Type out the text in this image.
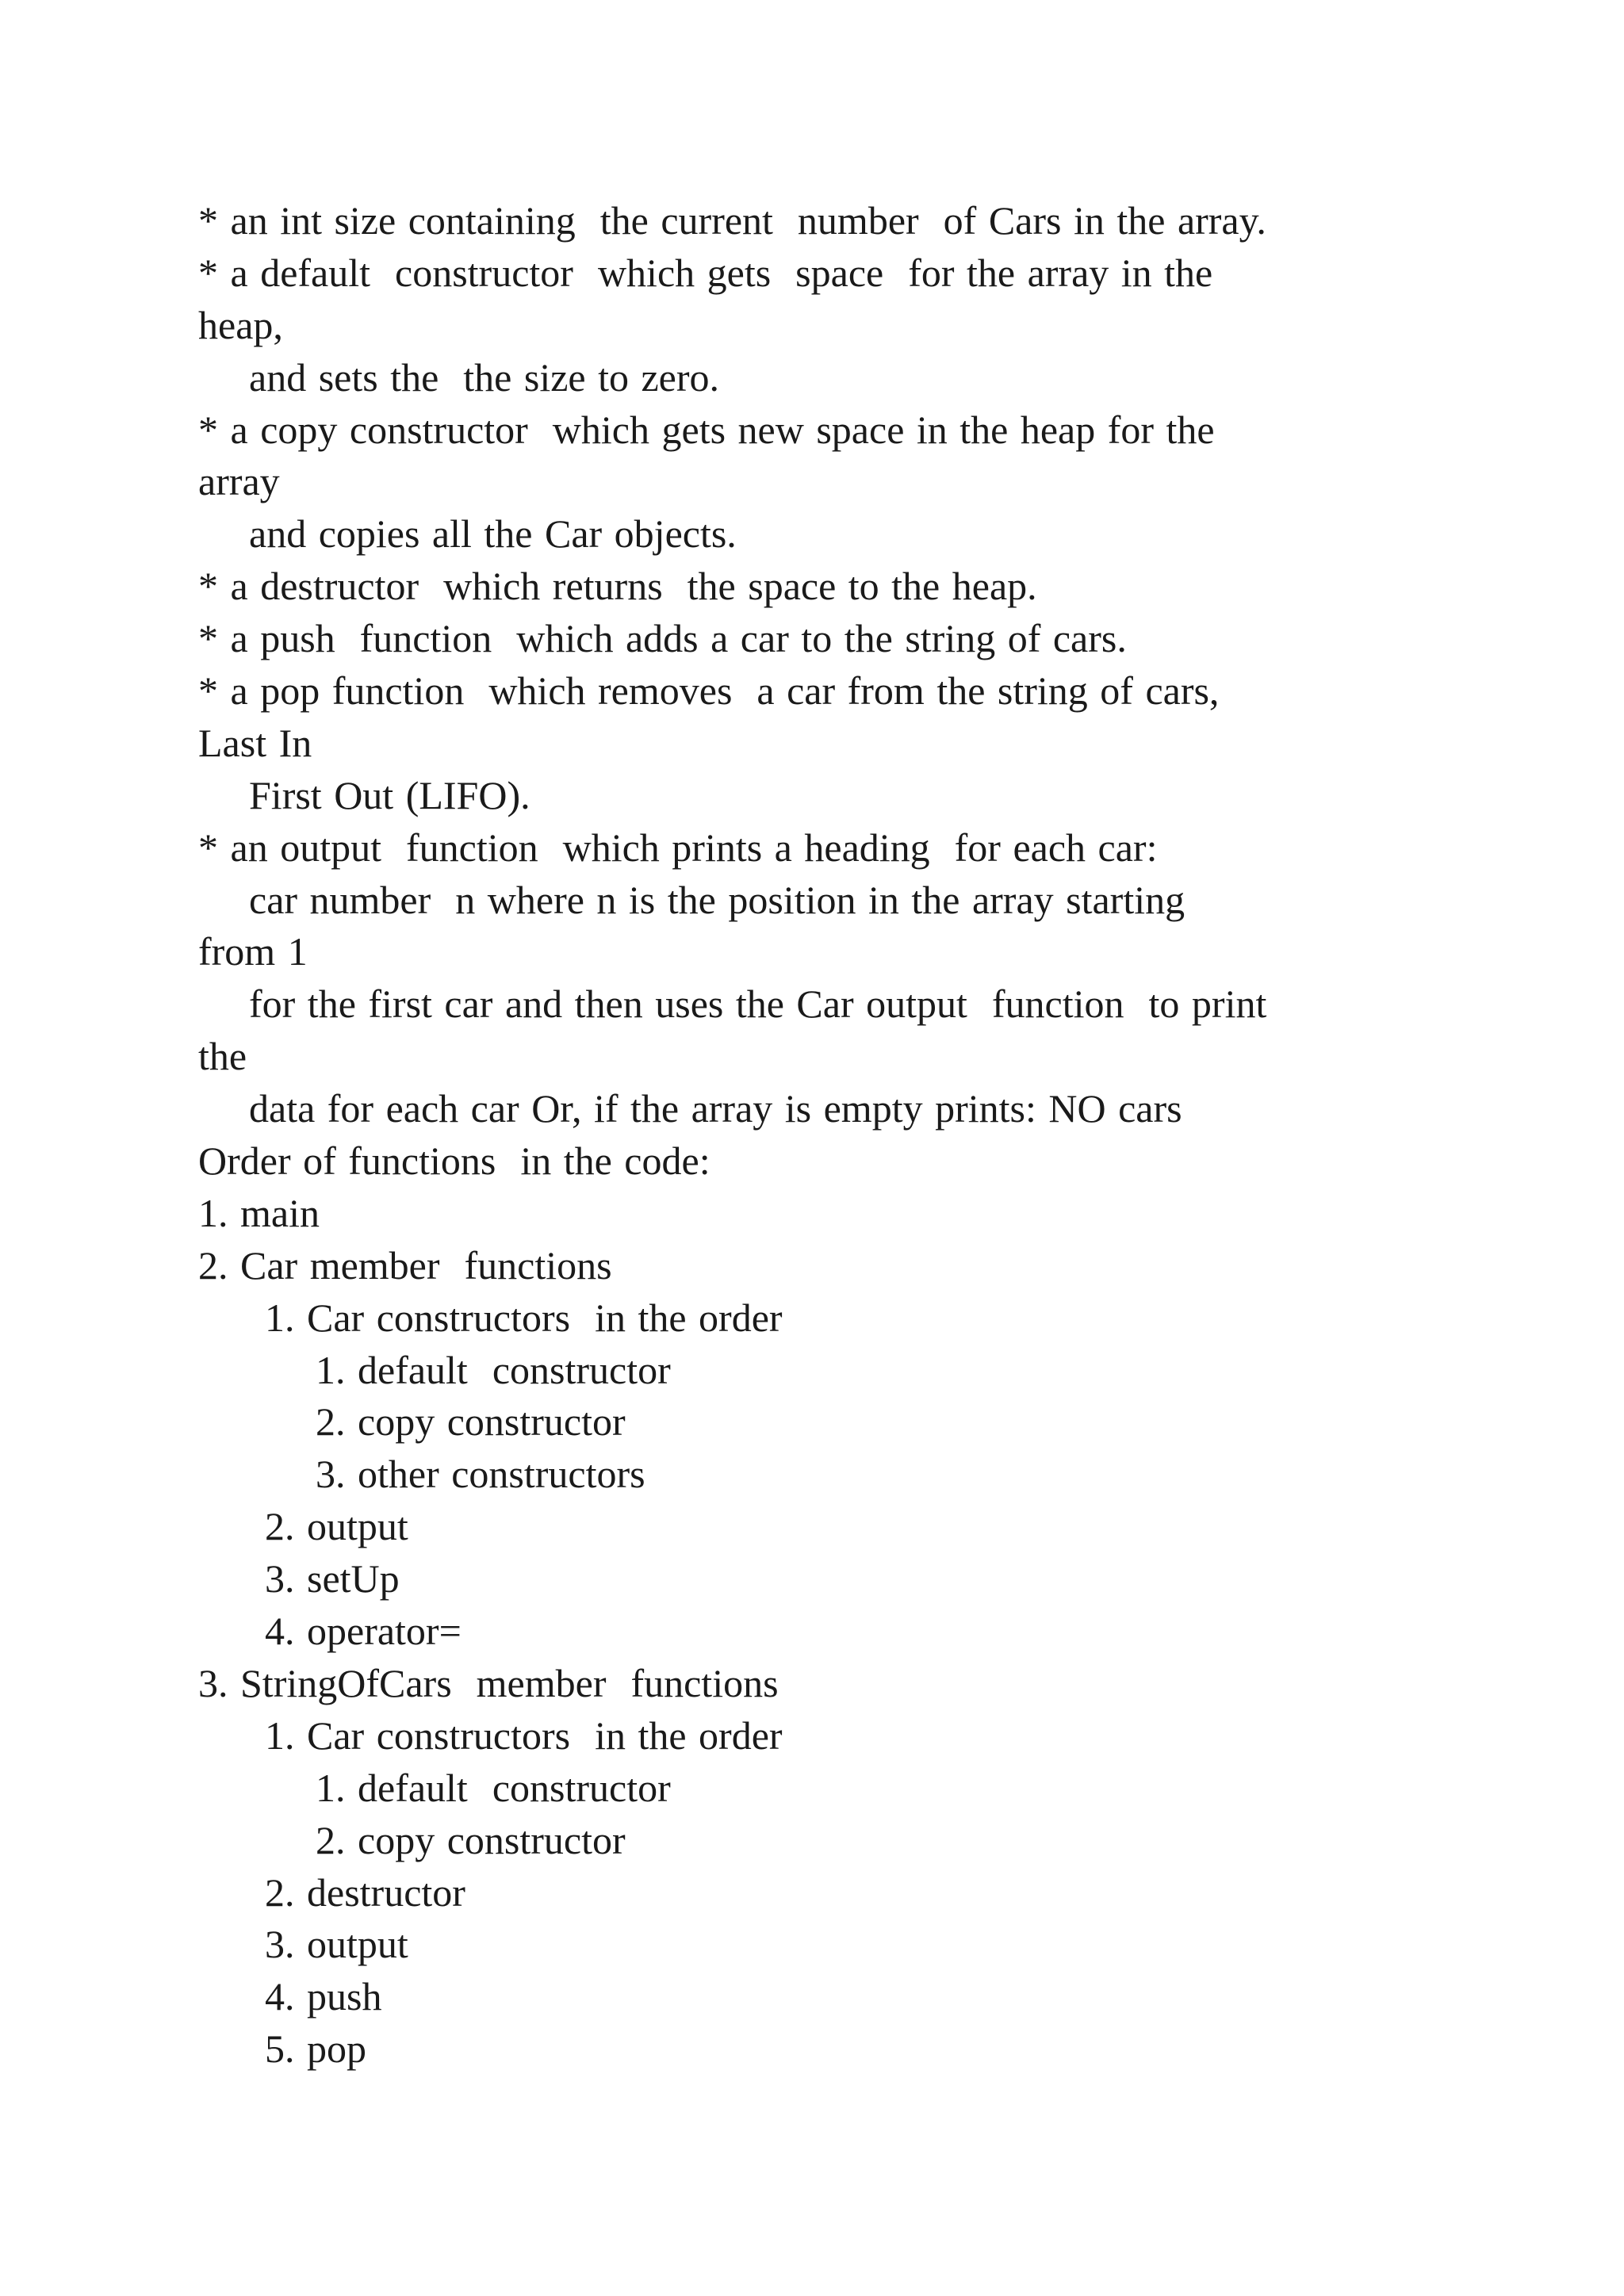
* an int size containing  the current  number  of Cars in the array.
* a default  constructor  which gets  space  for the array in the
heap,
and sets the  the size to zero.
* a copy constructor  which gets new space in the heap for the
array
and copies all the Car objects.
* a destructor  which returns  the space to the heap.
* a push  function  which adds a car to the string of cars.
* a pop function  which removes  a car from the string of cars,
Last In
First Out (LIFO).
* an output  function  which prints a heading  for each car:
car number  n where n is the position in the array starting
from 1
for the first car and then uses the Car output  function  to print
the
data for each car Or, if the array is empty prints: NO cars
Order of functions  in the code:
1. main
2. Car member  functions
1. Car constructors  in the order
1. default  constructor
2. copy constructor
3. other constructors
2. output
3. setUp
4. operator=
3. StringOfCars  member  functions
1. Car constructors  in the order
1. default  constructor
2. copy constructor
2. destructor
3. output
4. push
5. pop
